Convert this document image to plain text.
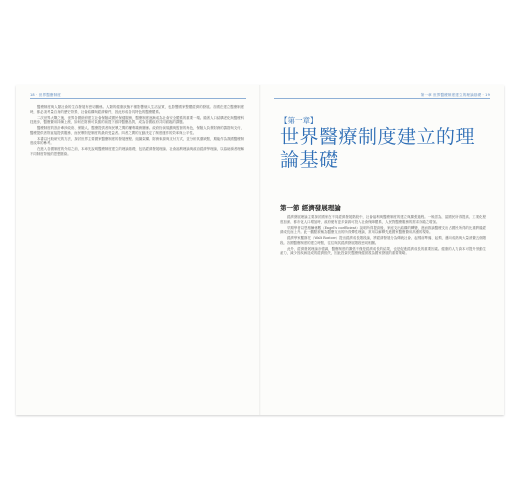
18 · 世界醫療制度

醫療制度與人類社會的生存發展有密切關係。人類的健康狀態不僅影響個人生活品質，也影響國家整體經濟的發展。各國在建立醫療制度時，都必須考量自身的歷史背景、社會結構與經濟條件，因此形成各具特色的醫療體系。

二次世界大戰之後，世界各國紛紛建立社會保險或國民保健服務，醫療制度逐漸成為社會安全體系的重要一環。隨著人口結構老化與醫療科技進步，醫療費用持續上漲，如何在財務可負擔的前提下維持醫療品質，成為各國政府共同面臨的課題。

醫療制度的設計牽涉政府、保險人、醫療提供者與民眾之間的權利義務關係。政府扮演規劃與監督的角色，保險人負責財務的籌措與支付，醫療提供者則直接提供服務，而民眾則是制度的最終受益者。四者之間的互動決定了制度運作的效率與公平性。

本書以比較研究的方法，探討世界主要國家醫療制度的發展歷程、組織架構、財務來源與支付方式，並分析其優缺點，期能作為我國醫療制度改革的參考。

在進入各國制度的介紹之前，本章先說明醫療制度建立的理論基礎，包括經濟發展理論、社會福利理論與政治經濟學理論，以協助讀者理解不同制度背後的思想脈絡。

第一章 世界醫療制度建立的理論基礎 · 19
【第一章】
世界醫療制度建立的理論基礎
第一節 經濟發展理論

經濟發展理論主要探討國家在不同經濟發展階段中，社會福利與醫療制度的建立與擴張過程。一般認為，當國民所得提高、工業化程度加深、都市化人口增加時，政府便有更多資源可投入社會保障體系，人民對醫療服務的需求亦隨之增加。

早期學者以恩格爾係數（Engel's coefficient）說明所得提高後，家庭支出結構的轉變，進而推論醫療支出占國民所得的比重將隨經濟成長而上升。此一觀點被稱為醫療支出的所得彈性理論，常用以解釋先進國家醫療費用高漲的現象。

經濟學家羅斯托（Walt Rostow）提出經濟成長階段論，將經濟發展分為傳統社會、起飛前準備、起飛、邁向成熟與大量消費五個階段。各國醫療制度的建立時點，往往與其經濟發展階段密切相關。

此外，經濟發展理論亦強調，醫療制度的擴張不僅是經濟成長的結果，也是促進經濟成長的重要因素。健康的人力資本可提升勞動生產力，減少因疾病造成的經濟損失，因此投資於醫療保健被視為國家發展的重要策略。
